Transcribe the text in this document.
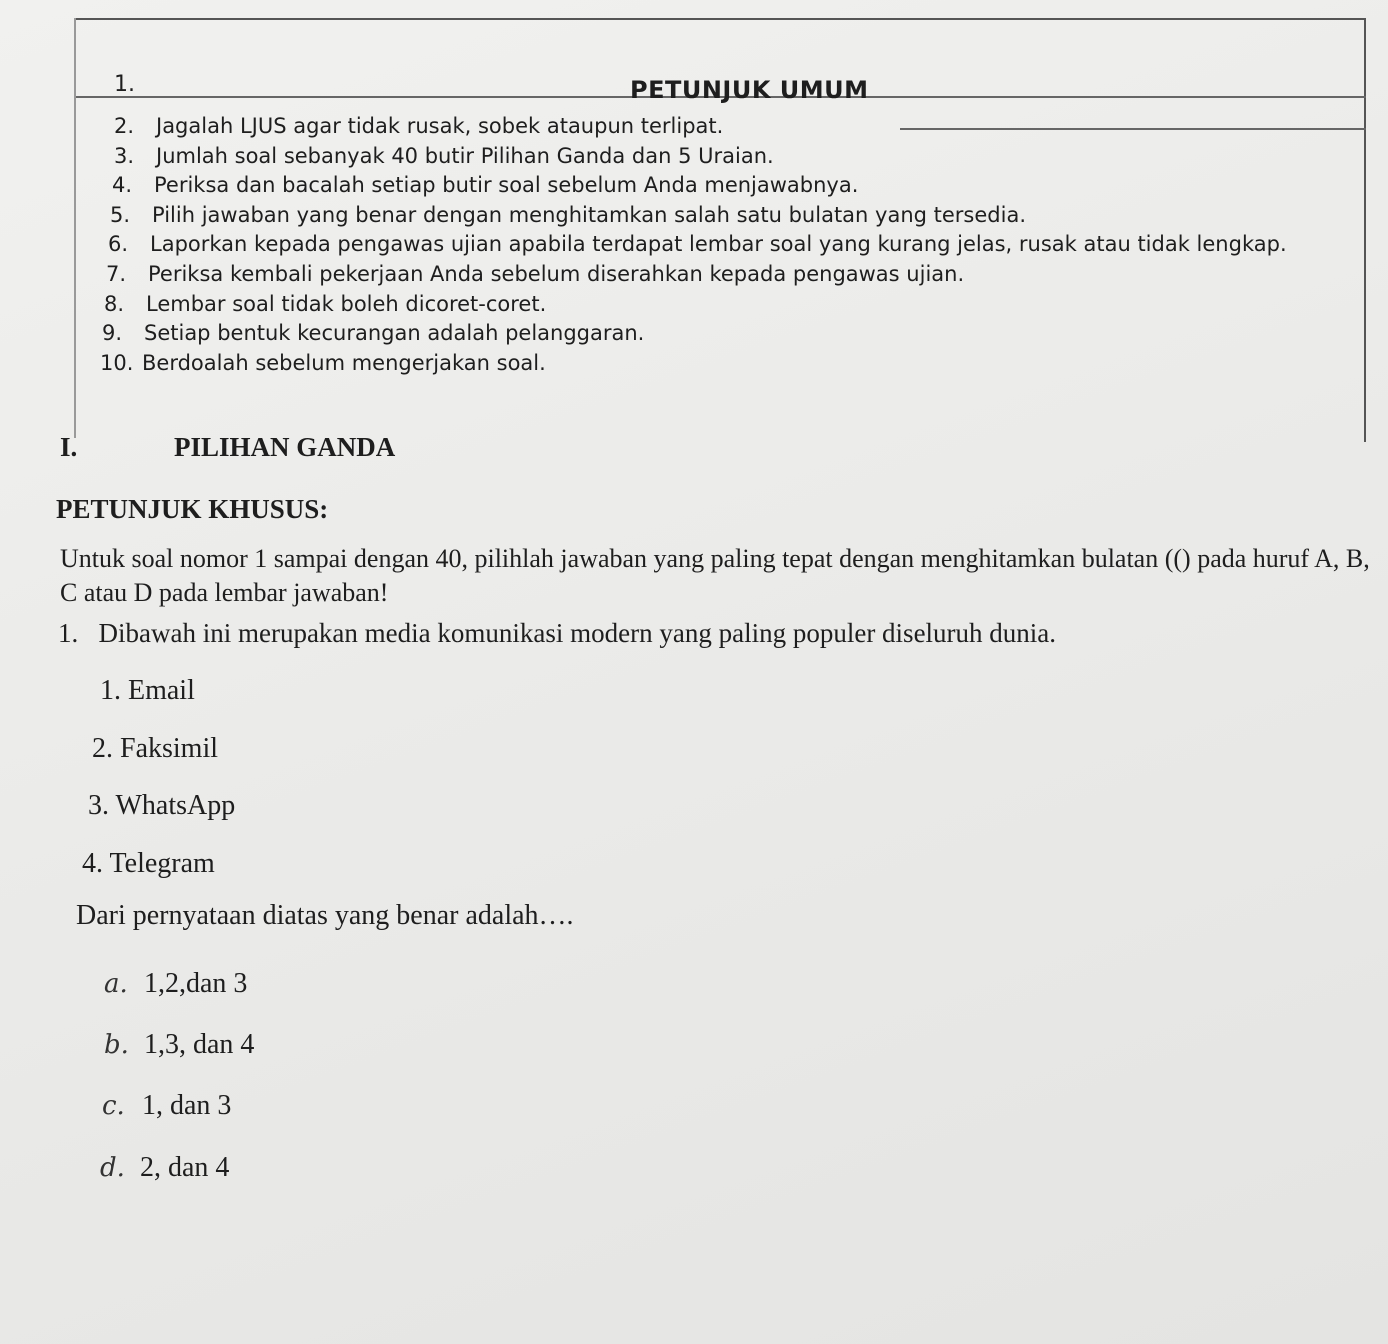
1.	PETUNJUK UMUM
2. Jagalah LJUS agar tidak rusak, sobek ataupun terlipat.
3. Jumlah soal sebanyak 40 butir Pilihan Ganda dan 5 Uraian.
4. Periksa dan bacalah setiap butir soal sebelum Anda menjawabnya.
5. Pilih jawaban yang benar dengan menghitamkan salah satu bulatan yang tersedia.
6. Laporkan kepada pengawas ujian apabila terdapat lembar soal yang kurang jelas, rusak atau tidak lengkap.
7. Periksa kembali pekerjaan Anda sebelum diserahkan kepada pengawas ujian.
8. Lembar soal tidak boleh dicoret-coret.
9. Setiap bentuk kecurangan adalah pelanggaran.
10. Berdoalah sebelum mengerjakan soal.
I.	PILIHAN GANDA
PETUNJUK KHUSUS:
Untuk soal nomor 1 sampai dengan 40, pilihlah jawaban yang paling tepat dengan menghitamkan bulatan (() pada huruf A, B, C atau D pada lembar jawaban!
1. Dibawah ini merupakan media komunikasi modern yang paling populer diseluruh dunia.
1. Email
2. Faksimil
3. WhatsApp
4. Telegram
Dari pernyataan diatas yang benar adalah….
a. 1,2,dan 3
b. 1,3, dan 4
c. 1, dan 3
d. 2, dan 4
